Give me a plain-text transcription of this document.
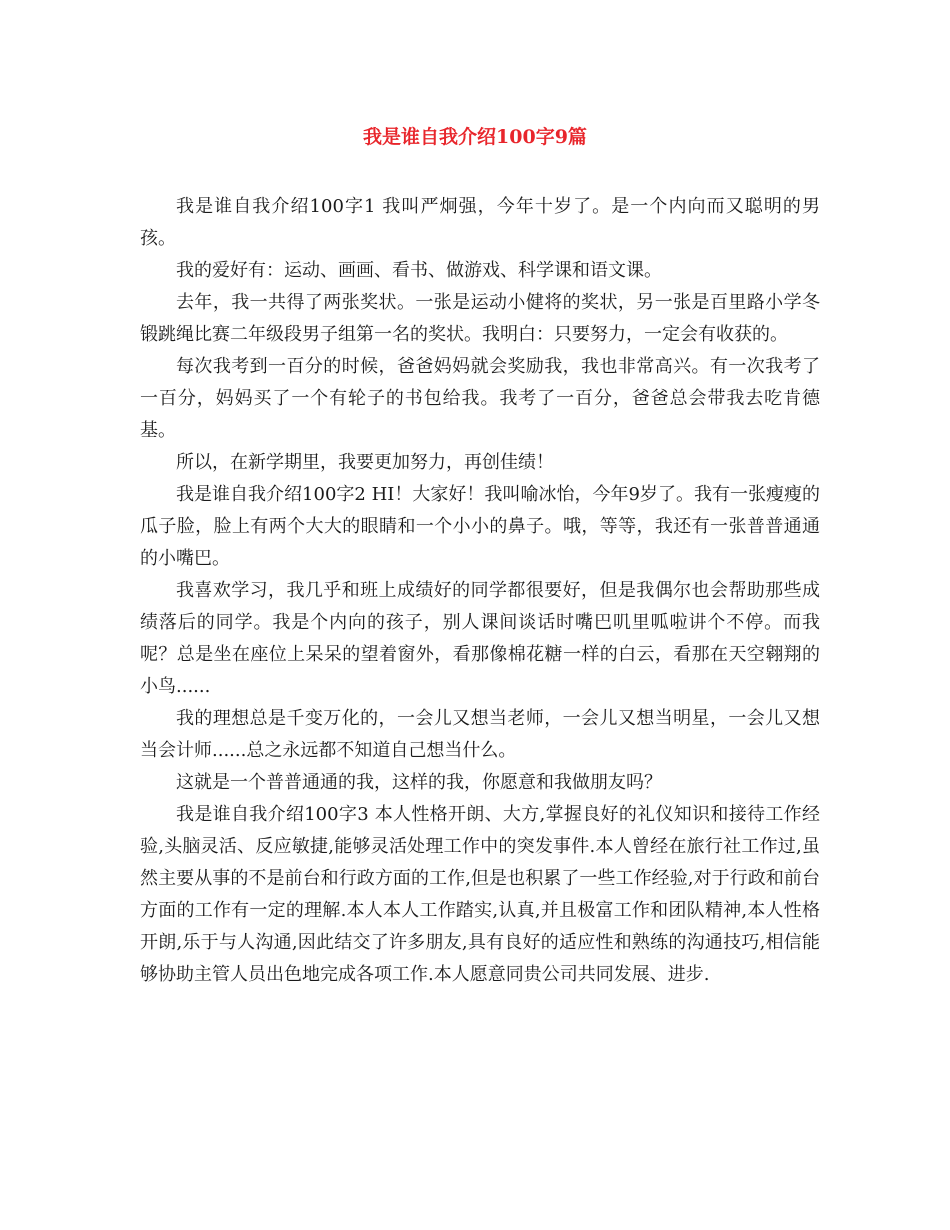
我是谁自我介绍100字9篇

我是谁自我介绍100字1 我叫严炯强，今年十岁了。是一个内向而又聪明的男孩。

我的爱好有：运动、画画、看书、做游戏、科学课和语文课。

去年，我一共得了两张奖状。一张是运动小健将的奖状，另一张是百里路小学冬锻跳绳比赛二年级段男子组第一名的奖状。我明白：只要努力，一定会有收获的。

每次我考到一百分的时候，爸爸妈妈就会奖励我，我也非常高兴。有一次我考了一百分，妈妈买了一个有轮子的书包给我。我考了一百分，爸爸总会带我去吃肯德基。

所以，在新学期里，我要更加努力，再创佳绩！

我是谁自我介绍100字2 HI！大家好！我叫喻冰怡，今年9岁了。我有一张瘦瘦的瓜子脸，脸上有两个大大的眼睛和一个小小的鼻子。哦，等等，我还有一张普普通通的小嘴巴。

我喜欢学习，我几乎和班上成绩好的同学都很要好，但是我偶尔也会帮助那些成绩落后的同学。我是个内向的孩子，别人课间谈话时嘴巴叽里呱啦讲个不停。而我呢？总是坐在座位上呆呆的望着窗外，看那像棉花糖一样的白云，看那在天空翱翔的小鸟......

我的理想总是千变万化的，一会儿又想当老师，一会儿又想当明星，一会儿又想当会计师......总之永远都不知道自己想当什么。

这就是一个普普通通的我，这样的我，你愿意和我做朋友吗？

我是谁自我介绍100字3 本人性格开朗、大方,掌握良好的礼仪知识和接待工作经验,头脑灵活、反应敏捷,能够灵活处理工作中的突发事件.本人曾经在旅行社工作过,虽然主要从事的不是前台和行政方面的工作,但是也积累了一些工作经验,对于行政和前台方面的工作有一定的理解.本人本人工作踏实,认真,并且极富工作和团队精神,本人性格开朗,乐于与人沟通,因此结交了许多朋友,具有良好的适应性和熟练的沟通技巧,相信能够协助主管人员出色地完成各项工作.本人愿意同贵公司共同发展、进步.
